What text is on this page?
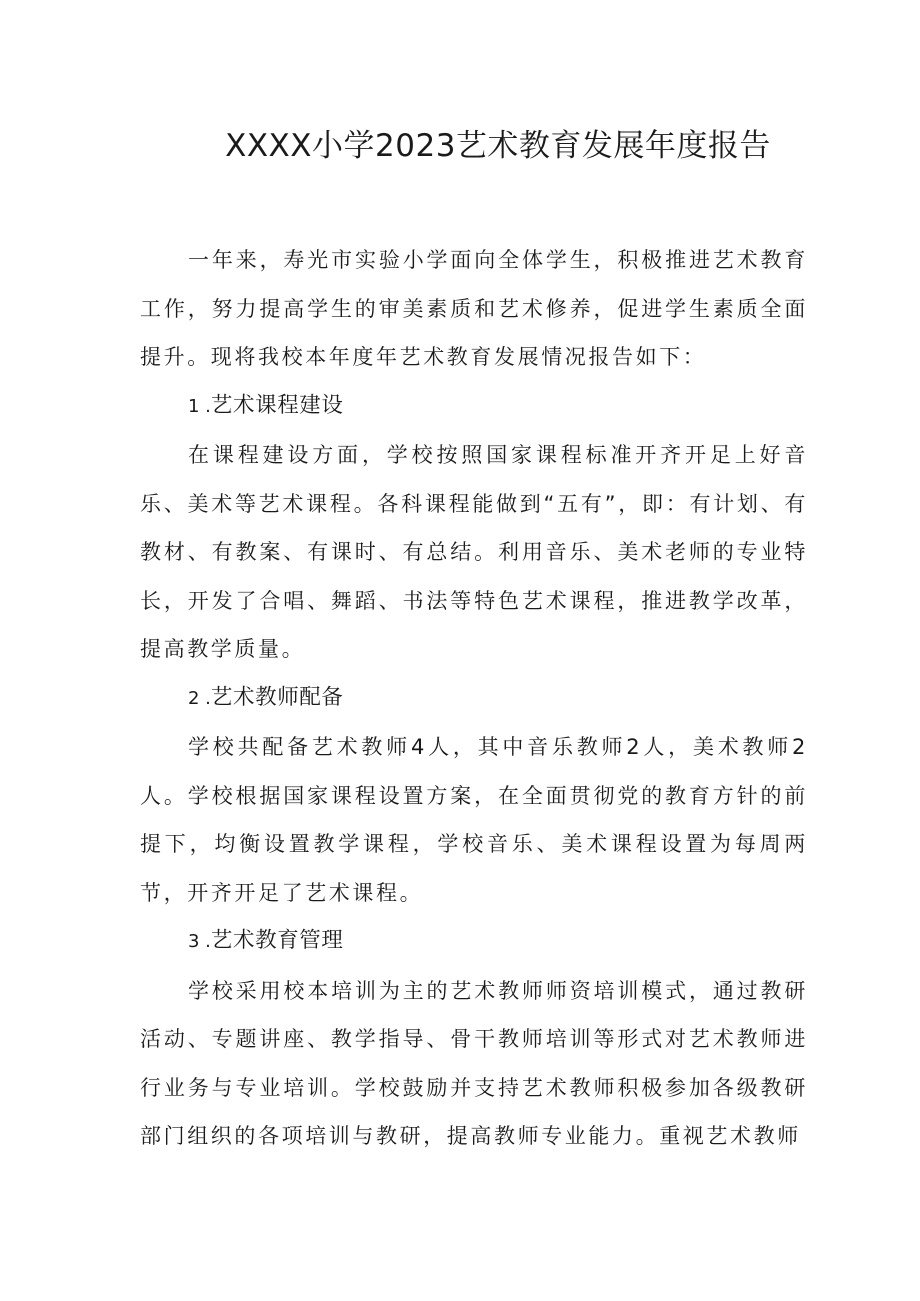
XXXX小学2023艺术教育发展年度报告

一年来，寿光市实验小学面向全体学生，积极推进艺术教育工作，努力提高学生的审美素质和艺术修养，促进学生素质全面提升。现将我校本年度年艺术教育发展情况报告如下：

1 .艺术课程建设

在课程建设方面，学校按照国家课程标准开齐开足上好音乐、美术等艺术课程。各科课程能做到“五有”，即：有计划、有教材、有教案、有课时、有总结。利用音乐、美术老师的专业特长，开发了合唱、舞蹈、书法等特色艺术课程，推进教学改革，提高教学质量。

2 .艺术教师配备

学校共配备艺术教师4人，其中音乐教师2人，美术教师2人。学校根据国家课程设置方案，在全面贯彻党的教育方针的前提下，均衡设置教学课程，学校音乐、美术课程设置为每周两节，开齐开足了艺术课程。

3 .艺术教育管理

学校采用校本培训为主的艺术教师师资培训模式，通过教研活动、专题讲座、教学指导、骨干教师培训等形式对艺术教师进行业务与专业培训。学校鼓励并支持艺术教师积极参加各级教研部门组织的各项培训与教研，提高教师专业能力。重视艺术教师
